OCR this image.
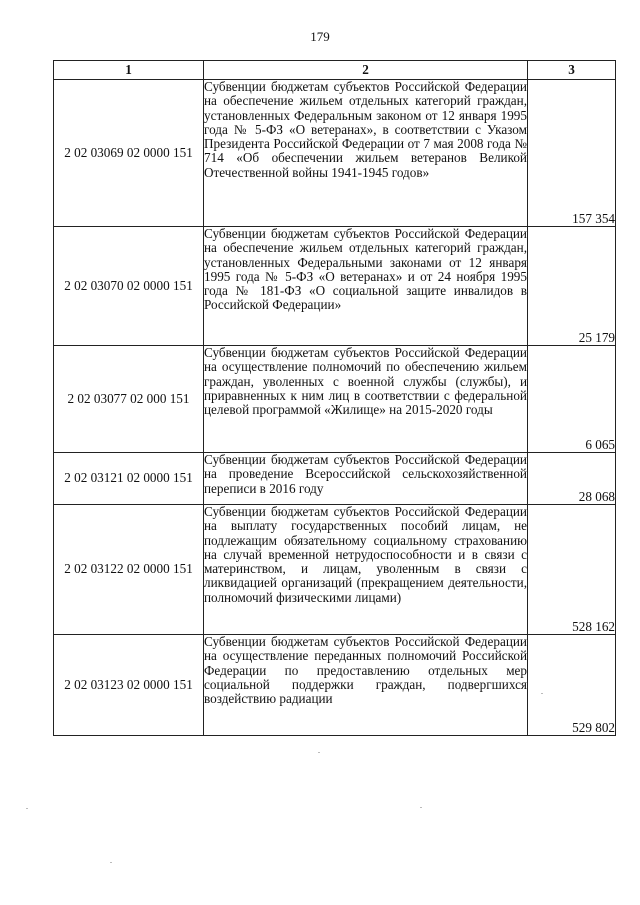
179
1	2	3
2 02 03069 02 0000 151	Субвенции бюджетам субъектов Российской Федерации на обеспечение жильем отдельных категорий граждан, установленных Федеральным законом от 12 января 1995 года № 5-ФЗ «О ветеранах», в соответствии с Указом Президента Российской Федерации от 7 мая 2008 года № 714 «Об обеспечении жильем ветеранов Великой Отечественной войны 1941-1945 годов»	157 354
2 02 03070 02 0000 151	Субвенции бюджетам субъектов Российской Федерации на обеспечение жильем отдельных категорий граждан, установленных Федеральными законами от 12 января 1995 года № 5-ФЗ «О ветеранах» и от 24 ноября 1995 года № 181-ФЗ «О социальной защите инвалидов в Российской Федерации»	25 179
2 02 03077 02 000 151	Субвенции бюджетам субъектов Российской Федерации на осуществление полномочий по обеспечению жильем граждан, уволенных с военной службы (службы), и приравненных к ним лиц в соответствии с федеральной целевой программой «Жилище» на 2015-2020 годы	6 065
2 02 03121 02 0000 151	Субвенции бюджетам субъектов Российской Федерации на проведение Всероссийской сельскохозяйственной переписи в 2016 году	28 068
2 02 03122 02 0000 151	Субвенции бюджетам субъектов Российской Федерации на выплату государственных пособий лицам, не подлежащим обязательному социальному страхованию на случай временной нетрудоспособности и в связи с материнством, и лицам, уволенным в связи с ликвидацией организаций (прекращением деятельности, полномочий физическими лицами)	528 162
2 02 03123 02 0000 151	Субвенции бюджетам субъектов Российской Федерации на осуществление переданных полномочий Российской Федерации по предоставлению отдельных мер социальной поддержки граждан, подвергшихся воздействию радиации	529 802
